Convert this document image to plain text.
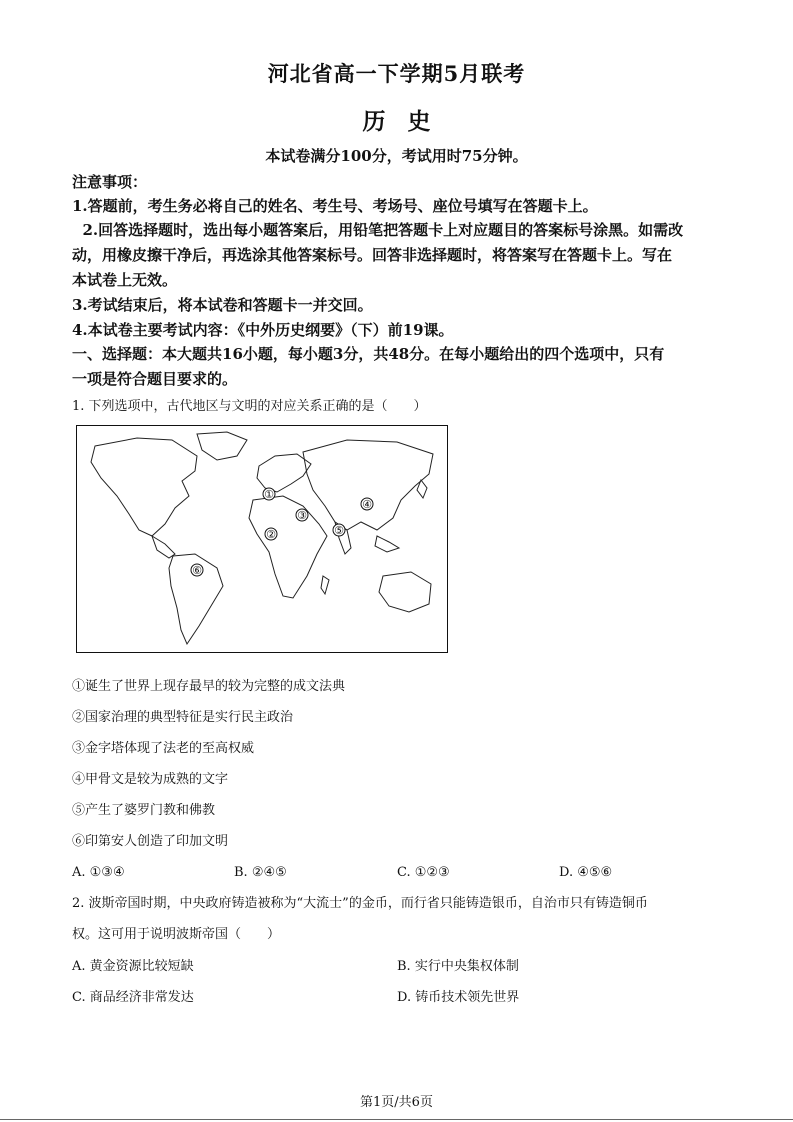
河北省高一下学期5月联考
历史
本试卷满分100分，考试用时75分钟。
注意事项：
1.答题前，考生务必将自己的姓名、考生号、考场号、座位号填写在答题卡上。
2.回答选择题时，选出每小题答案后，用铅笔把答题卡上对应题目的答案标号涂黑。如需改
动，用橡皮擦干净后，再选涂其他答案标号。回答非选择题时，将答案写在答题卡上。写在
本试卷上无效。
3.考试结束后，将本试卷和答题卡一并交回。
4.本试卷主要考试内容：《中外历史纲要》（下）前19课。
一、选择题：本大题共16小题，每小题3分，共48分。在每小题给出的四个选项中，只有
一项是符合题目要求的。
1. 下列选项中，古代地区与文明的对应关系正确的是（　　）
①
②
③
④
⑤
⑥
①诞生了世界上现存最早的较为完整的成文法典
②国家治理的典型特征是实行民主政治
③金字塔体现了法老的至高权威
④甲骨文是较为成熟的文字
⑤产生了婆罗门教和佛教
⑥印第安人创造了印加文明
A. ①③④	B. ②④⑤	C. ①②③	D. ④⑤⑥
2. 波斯帝国时期，中央政府铸造被称为“大流士”的金币，而行省只能铸造银币，自治市只有铸造铜币
权。这可用于说明波斯帝国（　　）
A. 黄金资源比较短缺	B. 实行中央集权体制
C. 商品经济非常发达	D. 铸币技术领先世界
第1页/共6页
